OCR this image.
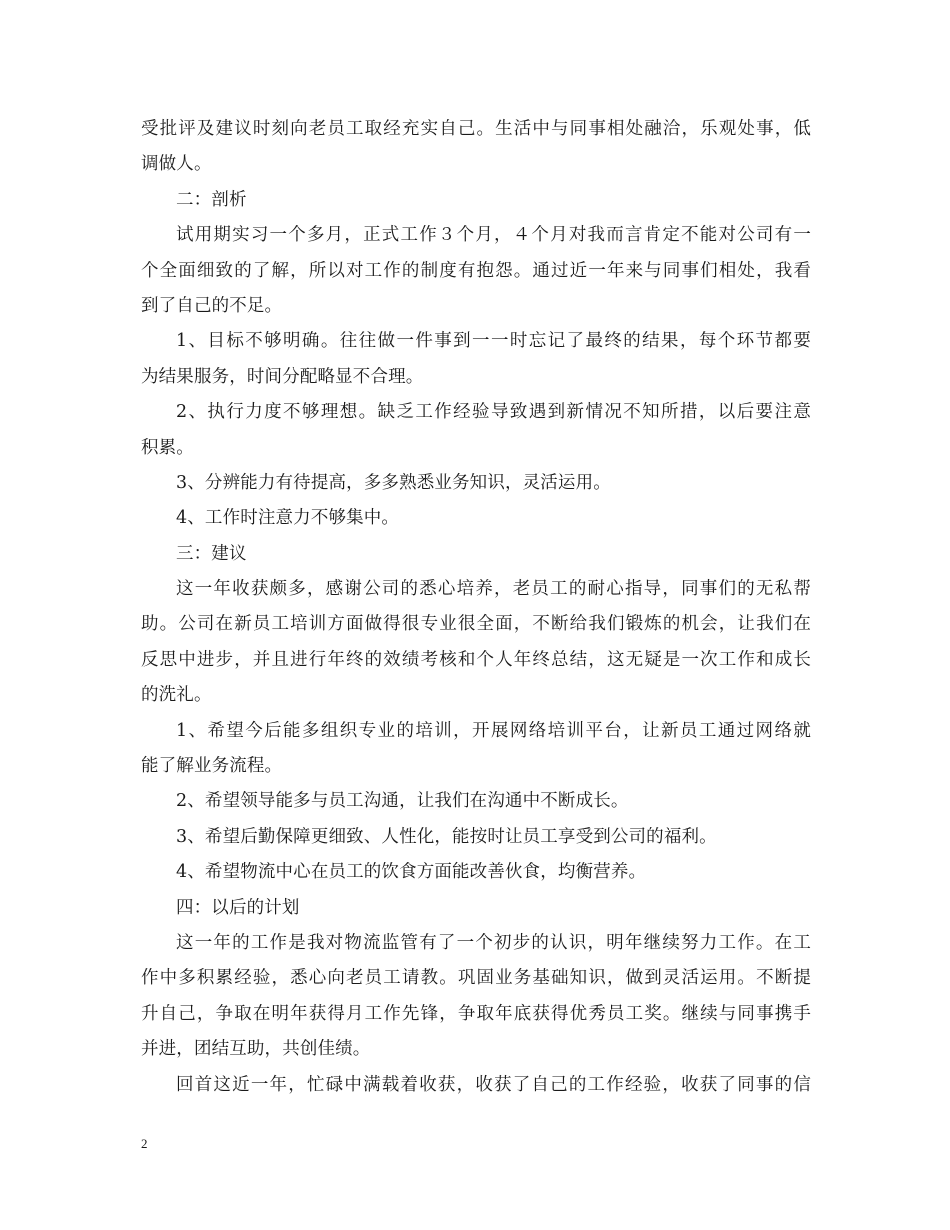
受批评及建议时刻向老员工取经充实自己。生活中与同事相处融洽，乐观处事，低
调做人。
二：剖析
试用期实习一个多月，正式工作３个月，４个月对我而言肯定不能对公司有一
个全面细致的了解，所以对工作的制度有抱怨。通过近一年来与同事们相处，我看
到了自己的不足。
1、目标不够明确。往往做一件事到一一时忘记了最终的结果，每个环节都要
为结果服务，时间分配略显不合理。
2、执行力度不够理想。缺乏工作经验导致遇到新情况不知所措，以后要注意
积累。
3、分辨能力有待提高，多多熟悉业务知识，灵活运用。
4、工作时注意力不够集中。
三：建议
这一年收获颇多，感谢公司的悉心培养，老员工的耐心指导，同事们的无私帮
助。公司在新员工培训方面做得很专业很全面，不断给我们锻炼的机会，让我们在
反思中进步，并且进行年终的效绩考核和个人年终总结，这无疑是一次工作和成长
的洗礼。
1、希望今后能多组织专业的培训，开展网络培训平台，让新员工通过网络就
能了解业务流程。
2、希望领导能多与员工沟通，让我们在沟通中不断成长。
3、希望后勤保障更细致、人性化，能按时让员工享受到公司的福利。
4、希望物流中心在员工的饮食方面能改善伙食，均衡营养。
四：以后的计划
这一年的工作是我对物流监管有了一个初步的认识，明年继续努力工作。在工
作中多积累经验，悉心向老员工请教。巩固业务基础知识，做到灵活运用。不断提
升自己，争取在明年获得月工作先锋，争取年底获得优秀员工奖。继续与同事携手
并进，团结互助，共创佳绩。
回首这近一年，忙碌中满载着收获，收获了自己的工作经验，收获了同事的信
2
